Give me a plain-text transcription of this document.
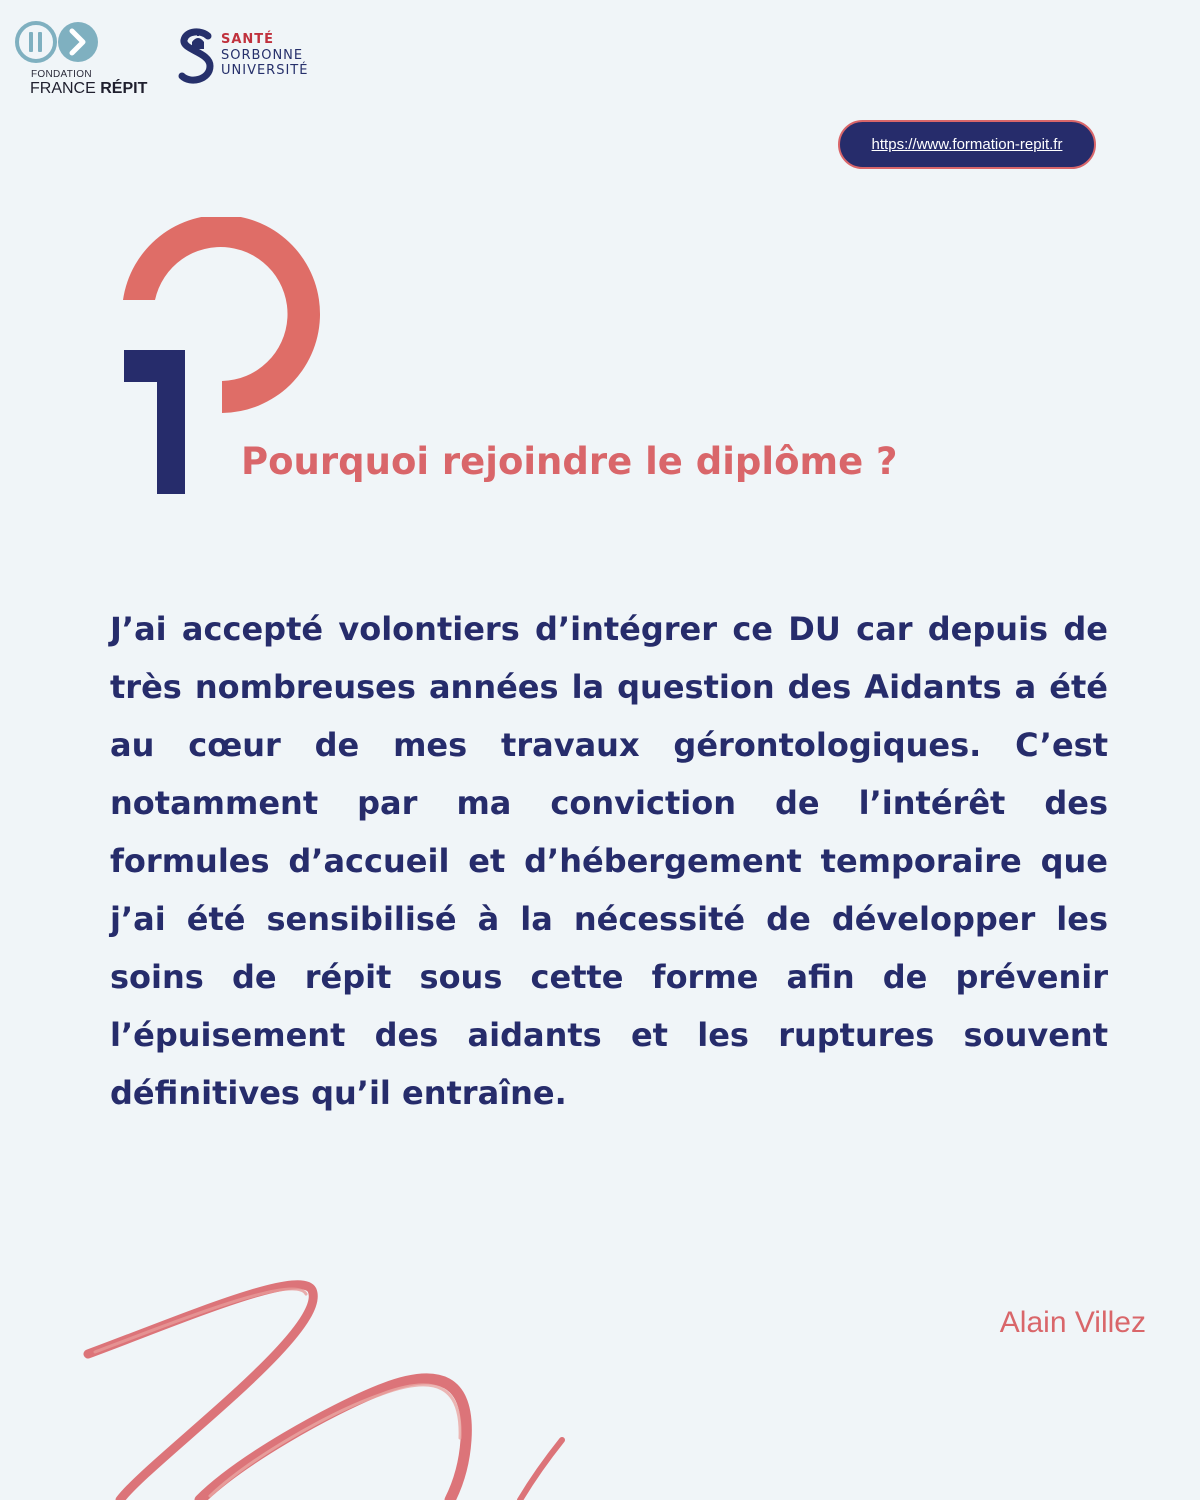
FONDATION
FRANCE RÉPIT
SANTÉ
SORBONNE
UNIVERSITÉ
https://www.formation-repit.fr
Pourquoi rejoindre le diplôme ?

J’ai accepté volontiers d’intégrer ce DU car depuis de très nombreuses années la question des Aidants a été au cœur de mes travaux gérontologiques. C’est notamment par ma conviction de l’intérêt des formules d’accueil et d’hébergement temporaire que j’ai été sensibilisé à la nécessité de développer les soins de répit sous cette forme afin de prévenir l’épuisement des aidants et les ruptures souvent définitives qu’il entraîne.

Alain Villez
